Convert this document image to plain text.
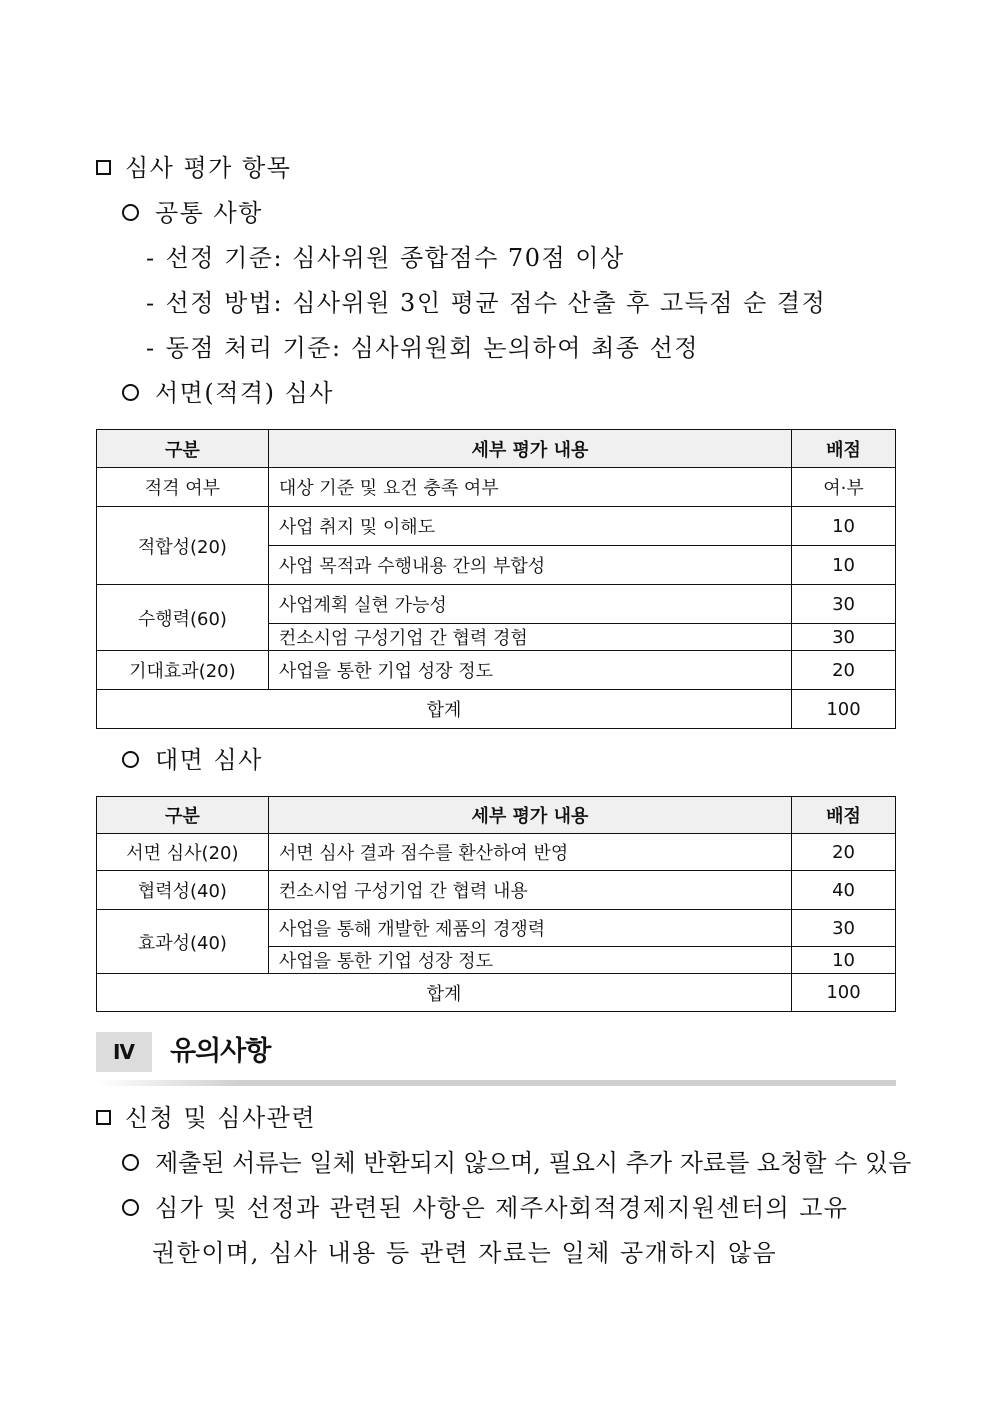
심사 평가 항목
공통 사항
- 선정 기준: 심사위원 종합점수 70점 이상
- 선정 방법: 심사위원 3인 평균 점수 산출 후 고득점 순 결정
- 동점 처리 기준: 심사위원회 논의하여 최종 선정
서면(적격) 심사
구분	세부 평가 내용	배점
적격 여부	대상 기준 및 요건 충족 여부	여·부
적합성(20)	사업 취지 및 이해도	10
	사업 목적과 수행내용 간의 부합성	10
수행력(60)	사업계획 실현 가능성	30
	컨소시엄 구성기업 간 협력 경험	30
기대효과(20)	사업을 통한 기업 성장 정도	20
합계		100
대면 심사
구분	세부 평가 내용	배점
서면 심사(20)	서면 심사 결과 점수를 환산하여 반영	20
협력성(40)	컨소시엄 구성기업 간 협력 내용	40
효과성(40)	사업을 통해 개발한 제품의 경쟁력	30
	사업을 통한 기업 성장 정도	10
합계		100
Ⅳ	유의사항
신청 및 심사관련
제출된 서류는 일체 반환되지 않으며, 필요시 추가 자료를 요청할 수 있음
심가 및 선정과 관련된 사항은 제주사회적경제지원센터의 고유
권한이며, 심사 내용 등 관련 자료는 일체 공개하지 않음
